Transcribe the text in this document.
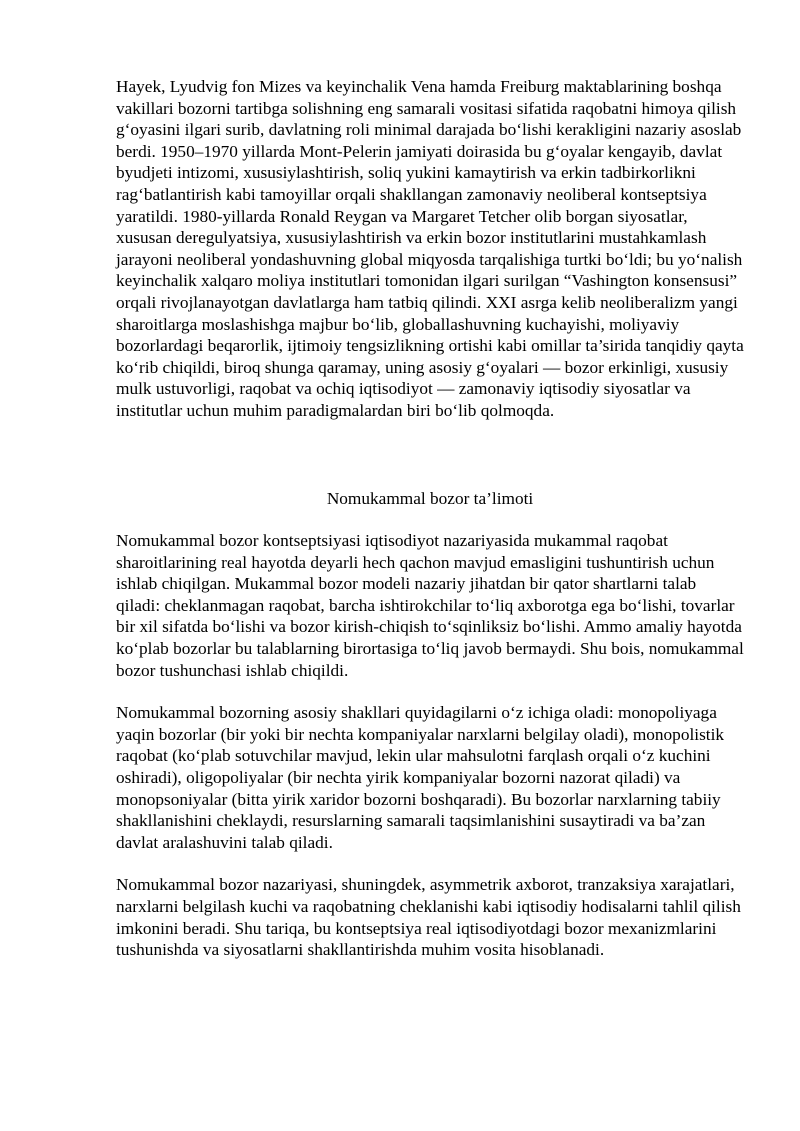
Hayek, Lyudvig fon Mizes va keyinchalik Vena hamda Freiburg maktablarining boshqa vakillari bozorni tartibga solishning eng samarali vositasi sifatida raqobatni himoya qilish g‘oyasini ilgari surib, davlatning roli minimal darajada bo‘lishi kerakligini nazariy asoslab berdi. 1950–1970 yillarda Mont-Pelerin jamiyati doirasida bu g‘oyalar kengayib, davlat byudjeti intizomi, xususiylashtirish, soliq yukini kamaytirish va erkin tadbirkorlikni rag‘batlantirish kabi tamoyillar orqali shakllangan zamonaviy neoliberal kontseptsiya yaratildi. 1980-yillarda Ronald Reygan va Margaret Tetcher olib borgan siyosatlar, xususan deregulyatsiya, xususiylashtirish va erkin bozor institutlarini mustahkamlash jarayoni neoliberal yondashuvning global miqyosda tarqalishiga turtki bo‘ldi; bu yo‘nalish keyinchalik xalqaro moliya institutlari tomonidan ilgari surilgan “Vashington konsensusi” orqali rivojlanayotgan davlatlarga ham tatbiq qilindi. XXI asrga kelib neoliberalizm yangi sharoitlarga moslashishga majbur bo‘lib, globallashuvning kuchayishi, moliyaviy bozorlardagi beqarorlik, ijtimoiy tengsizlikning ortishi kabi omillar ta’sirida tanqidiy qayta ko‘rib chiqildi, biroq shunga qaramay, uning asosiy g‘oyalari — bozor erkinligi, xususiy mulk ustuvorligi, raqobat va ochiq iqtisodiyot — zamonaviy iqtisodiy siyosatlar va institutlar uchun muhim paradigmalardan biri bo‘lib qolmoqda.

Nomukammal bozor ta’limoti

Nomukammal bozor kontseptsiyasi iqtisodiyot nazariyasida mukammal raqobat sharoitlarining real hayotda deyarli hech qachon mavjud emasligini tushuntirish uchun ishlab chiqilgan. Mukammal bozor modeli nazariy jihatdan bir qator shartlarni talab qiladi: cheklanmagan raqobat, barcha ishtirokchilar to‘liq axborotga ega bo‘lishi, tovarlar bir xil sifatda bo‘lishi va bozor kirish-chiqish to‘sqinliksiz bo‘lishi. Ammo amaliy hayotda ko‘plab bozorlar bu talablarning birortasiga to‘liq javob bermaydi. Shu bois, nomukammal bozor tushunchasi ishlab chiqildi.

Nomukammal bozorning asosiy shakllari quyidagilarni o‘z ichiga oladi: monopoliyaga yaqin bozorlar (bir yoki bir nechta kompaniyalar narxlarni belgilay oladi), monopolistik raqobat (ko‘plab sotuvchilar mavjud, lekin ular mahsulotni farqlash orqali o‘z kuchini oshiradi), oligopoliyalar (bir nechta yirik kompaniyalar bozorni nazorat qiladi) va monopsoniyalar (bitta yirik xaridor bozorni boshqaradi). Bu bozorlar narxlarning tabiiy shakllanishini cheklaydi, resurslarning samarali taqsimlanishini susaytiradi va ba’zan davlat aralashuvini talab qiladi.

Nomukammal bozor nazariyasi, shuningdek, asymmetrik axborot, tranzaksiya xarajatlari, narxlarni belgilash kuchi va raqobatning cheklanishi kabi iqtisodiy hodisalarni tahlil qilish imkonini beradi. Shu tariqa, bu kontseptsiya real iqtisodiyotdagi bozor mexanizmlarini tushunishda va siyosatlarni shakllantirishda muhim vosita hisoblanadi.
